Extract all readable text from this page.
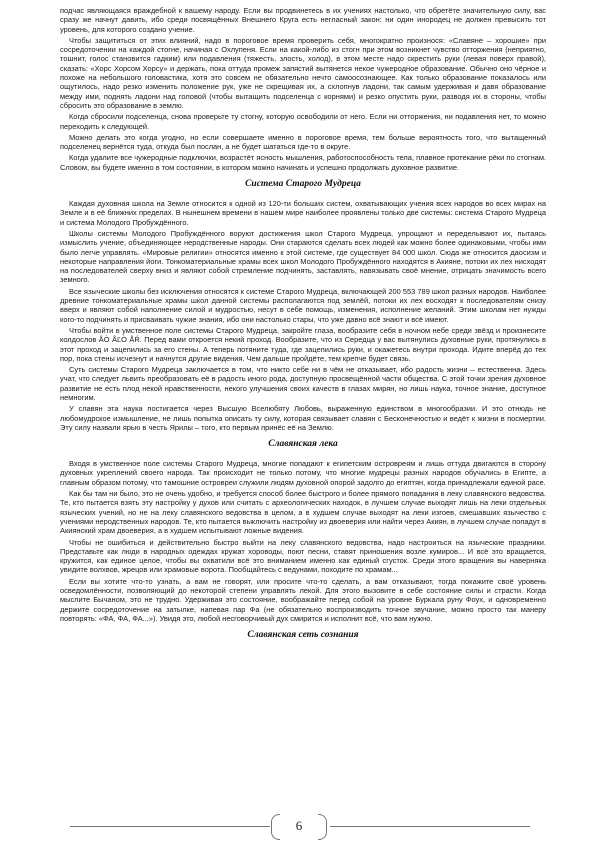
подчас являющаяся враждебной к вашему народу. Если вы продвинетесь в их учениях настолько, что обретёте значительную силу, вас сразу же начнут давить, ибо среди посвящённых Внешнего Круга есть негласный закон: ни один инородец не должен превысить тот уровень, для которого создано учение.

Чтобы защититься от этих влияний, надо в пороговое время проверить себя, многократно произнося: «Славяне – хорошие» при сосредоточении на каждой стогне, начиная с Охлупеня. Если на какой-либо из стогн при этом возникнет чувство отторжения (неприятно, тошнит, голос становится гадким) или подавления (тяжесть, злость, холод), в этом месте надо скрестить руки (левая поверх правой), сказать: «Хорс Хорсом Хорсу» и держать, пока оттуда промеж запястий вытянется некое чужеродное образование. Обычно оно чёрное и похоже на небольшого головастика, хотя это совсем не обязательно нечто самоосознающее. Как только образование показалось или ощутилось, надо резко изменить положение рук, уже не скрещивая их, а схлопнув ладони, так самым удерживая и давя образование между ими, поднять ладони над головой (чтобы вытащить подселенца с корнями) и резко опустить руки, разводя их в стороны, чтобы сбросить это образование в землю.

Когда сбросили подселенца, снова проверьте ту стогну, которую освободили от него. Если ни отторжения, ни подавления нет, то можно переходить к следующей.

Можно делать это когда угодно, но если совершаете именно в пороговое время, тем больше вероятность того, что вытащенный подселенец вернётся туда, откуда был послан, а не будет шататься где-то в округе.

Когда удалите все чужеродные подключки, возрастёт ясность мышления, работоспособность тела, плавное протекание рёки по стогнам. Словом, вы будете именно в том состоянии, в котором можно начинать и успешно продолжать духовное развитие.

Система Старого Мудреца

Каждая духовная школа на Земле относится к одной из 120-ти больших систем, охватывающих учения всех народов во всех мирах на Земле и в её ближних пределах. В нынешнем времени в нашем мире наиболее проявлены только две системы: система Старого Мудреца и система Молодого Пробуждённого.

Школы системы Молодого Пробуждённого воруют достижения школ Старого Мудреца, упрощают и переделывают их, пытаясь измыслить учение, объединяющее неродственные народы. Они стараются сделать всех людей как можно более одинаковыми, чтобы ими было легче управлять. «Мировые религии» относятся именно к этой системе, где существует 84 000 школ. Сюда же относится даосизм и некоторые направления йоги. Тонкоматериальные храмы всех школ Молодого Пробуждённого находятся в Акияне, потоки их лех нисходят на последователей сверху вниз и являют собой стремление подчинять, заставлять, навязывать своё мнение, отрицать значимость всего земного.

Все языческие школы без исключения относятся к системе Старого Мудреца, включающей 200 553 789 школ разных народов. Наиболее древние тонкоматериальные храмы школ данной системы располагаются под землёй, потоки их лех восходят к последователям снизу вверх и являют собой наполнение силой и мудростью, несут в себе помощь, изменения, исполнение желаний. Этим школам нет нужды кого-то подчинять и присваивать чужие знания, ибо они настолько стары, что уже давно всё знают и всё имеют.

Чтобы войти в умственное поле системы Старого Мудреца, закройте глаза, вообразите себя в ночном небе среди звёзд и произнесите колдослов ÅÒ ÅĽÒ ÅŔ. Перед вами откроется некий проход. Вообразите, что из Середца у вас вытянулись духовные руки, протянулись в этот проход и зацепились за его стены. А теперь потяните туда, где зацепились руки, и окажетесь внутри прохода. Идите вперёд до тех пор, пока стены исчезнут и начнутся другие видения. Чем дальше пройдёте, тем крепче будет связь.

Суть системы Старого Мудреца заключается в том, что никто себе ни в чём не отказывает, ибо радость жизни – естественна. Здесь учат, что следует львить преобразовать её в радость иного рода, доступную просвещённой части общества. С этой точки зрения духовное развитие не есть плод некой нравственности, некого улучшения своих качеств в глазах мирян, но лишь наука, точное знание, доступное немногим.

У славян эта наука постигается через Высшую Вселюбяту Любовь, выраженную единством в многообразии. И это отнюдь не любомудрское измышление, не лишь попытка описать ту силу, которая связывает славян с Бесконечностью и ведёт к жизни в посмертии. Эту силу назвали ярью в честь Ярилы – того, кто первым принёс её на Землю.

Славянская лека

Входя в умственное поле системы Старого Мудреца, многие попадают к египетским островреям и лишь оттуда двигаются в сторону духовных укреплений своего народа. Так происходит не только потому, что многие мудрецы разных народов обучались в Египте, а главным образом потому, что тамошние островреи служили людям духовной опорой задолго до египтян, когда принадлежали единой расе.

Как бы там ни было, это не очень удобно, и требуется способ более быстрого и более прямого попадания в леку славянского ведовства. Те, кто пытается взять эту настройку у духов или считать с археологических находок, в лучшем случае выходят лишь на леки отдельных языческих учений, но не на леку славянского ведовства в целом, а в худшем случае выходят на леки изгоев, смешавших язычество с учениями неродственных народов. Те, кто пытается выключить настройку из двоеверия или найти через Акиян, в лучшем случае попадут в Акиянский храм двоеверия, а в худшем испытывают ложные видения.

Чтобы не ошибиться и действительно быстро выйти на леку славянского ведовства, надо настроиться на языческие праздники. Представьте как люди в народных одеждах кружат хороводы, поют песни, ставят приношения возле кумиров... И всё это вращается, кружится, как единое целое, чтобы вы охватили всё это вниманием именно как единый сгусток. Среди этого вращения вы наверняка увидите волхвов, жрецов или храмовые ворота. Пообщайтесь с ведунами, походите по храмам...

Если вы хотите что-то узнать, а вам не говорят, или просите что-то сделать, а вам отказывают, тогда покажите своё уровень осведомлённости, позволяющий до некоторой степени управлять лекой. Для этого вызовите в себе состояние силы и страсти. Когда мыслите Бычаном, это не трудно. Удерживая это состояние, воображайте перед собой на уровне Буркала руну Фоух, и одновременно держите сосредоточение на затылке, напевая пар Фа (не обязательно воспроизводить точное звучание, можно просто так манеру повторять: «ФА, ФА, ФА...»). Увидя это, любой несговорчивый дух смирится и исполнит всё, что вам нужно.

Славянская сеть сознания
6
